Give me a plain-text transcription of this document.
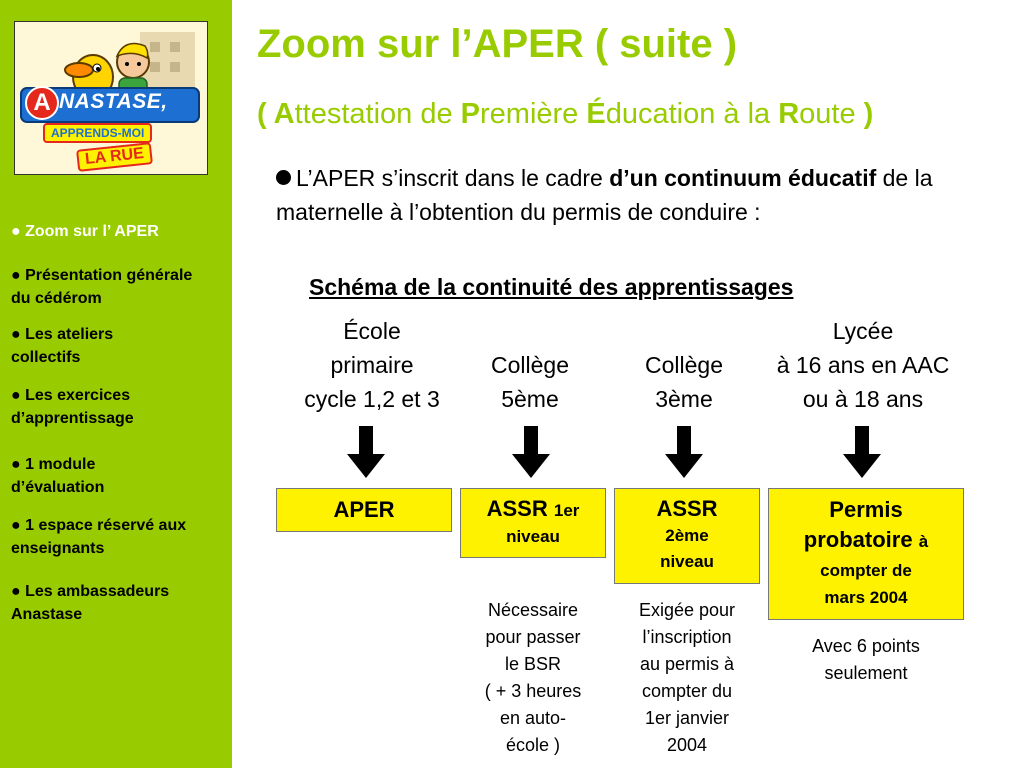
A NASTASE,
APPRENDS-MOI
LA RUE
● Zoom sur l’ APER
● Présentation générale du cédérom
● Les ateliers collectifs
● Les exercices d’apprentissage
● 1 module d’évaluation
● 1 espace réservé aux enseignants
● Les ambassadeurs Anastase
Zoom sur l’APER ( suite )
( Attestation de Première Éducation à la Route )
L’APER s’inscrit dans le cadre d’un continuum éducatif de la maternelle à l’obtention du permis de conduire :
Schéma de la continuité des apprentissages
École
primaire
cycle 1,2 et 3
Collège
5ème
Collège
3ème
Lycée
à 16 ans en AAC
ou à 18 ans
APER	ASSR 1er
niveau
ASSR
2ème
niveau
Permis
probatoire à
compter de
mars 2004
Nécessaire
pour passer
le BSR
( + 3 heures
en auto-
école )
Exigée pour
l’inscription
au permis à
compter du
1er janvier
2004
Avec 6 points
seulement
